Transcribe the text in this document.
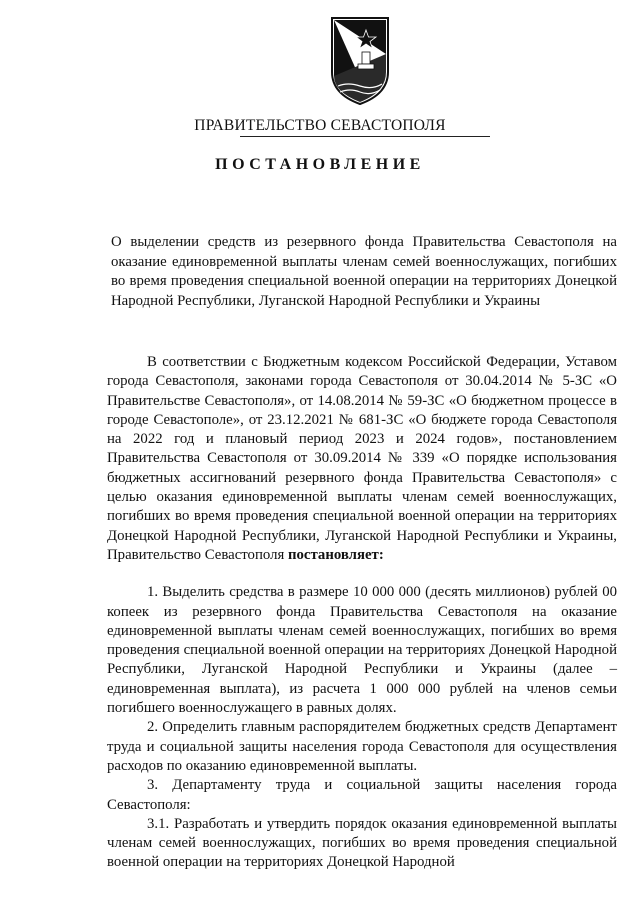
ПРАВИТЕЛЬСТВО СЕВАСТОПОЛЯ
ПОСТАНОВЛЕНИЕ
О выделении средств из резервного фонда Правительства Севастополя на оказание единовременной выплаты членам семей военнослужащих, погибших во время проведения специальной военной операции на территориях Донецкой Народной Республики, Луганской Народной Республики и Украины

В соответствии с Бюджетным кодексом Российской Федерации, Уставом города Севастополя, законами города Севастополя от 30.04.2014 № 5-ЗС «О Правительстве Севастополя», от 14.08.2014 № 59-ЗС «О бюджетном процессе в городе Севастополе», от 23.12.2021 № 681-ЗС «О бюджете города Севастополя на 2022 год и плановый период 2023 и 2024 годов», постановлением Правительства Севастополя от 30.09.2014 № 339 «О порядке использования бюджетных ассигнований резервного фонда Правительства Севастополя» с целью оказания единовременной выплаты членам семей военнослужащих, погибших во время проведения специальной военной операции на территориях Донецкой Народной Республики, Луганской Народной Республики и Украины, Правительство Севастополя постановляет:

1. Выделить средства в размере 10 000 000 (десять миллионов) рублей 00 копеек из резервного фонда Правительства Севастополя на оказание единовременной выплаты членам семей военнослужащих, погибших во время проведения специальной военной операции на территориях Донецкой Народной Республики, Луганской Народной Республики и Украины (далее – единовременная выплата), из расчета 1 000 000 рублей на членов семьи погибшего военнослужащего в равных долях.

2. Определить главным распорядителем бюджетных средств Департамент труда и социальной защиты населения города Севастополя для осуществления расходов по оказанию единовременной выплаты.

3. Департаменту труда и социальной защиты населения города Севастополя:

3.1. Разработать и утвердить порядок оказания единовременной выплаты членам семей военнослужащих, погибших во время проведения специальной военной операции на территориях Донецкой Народной
